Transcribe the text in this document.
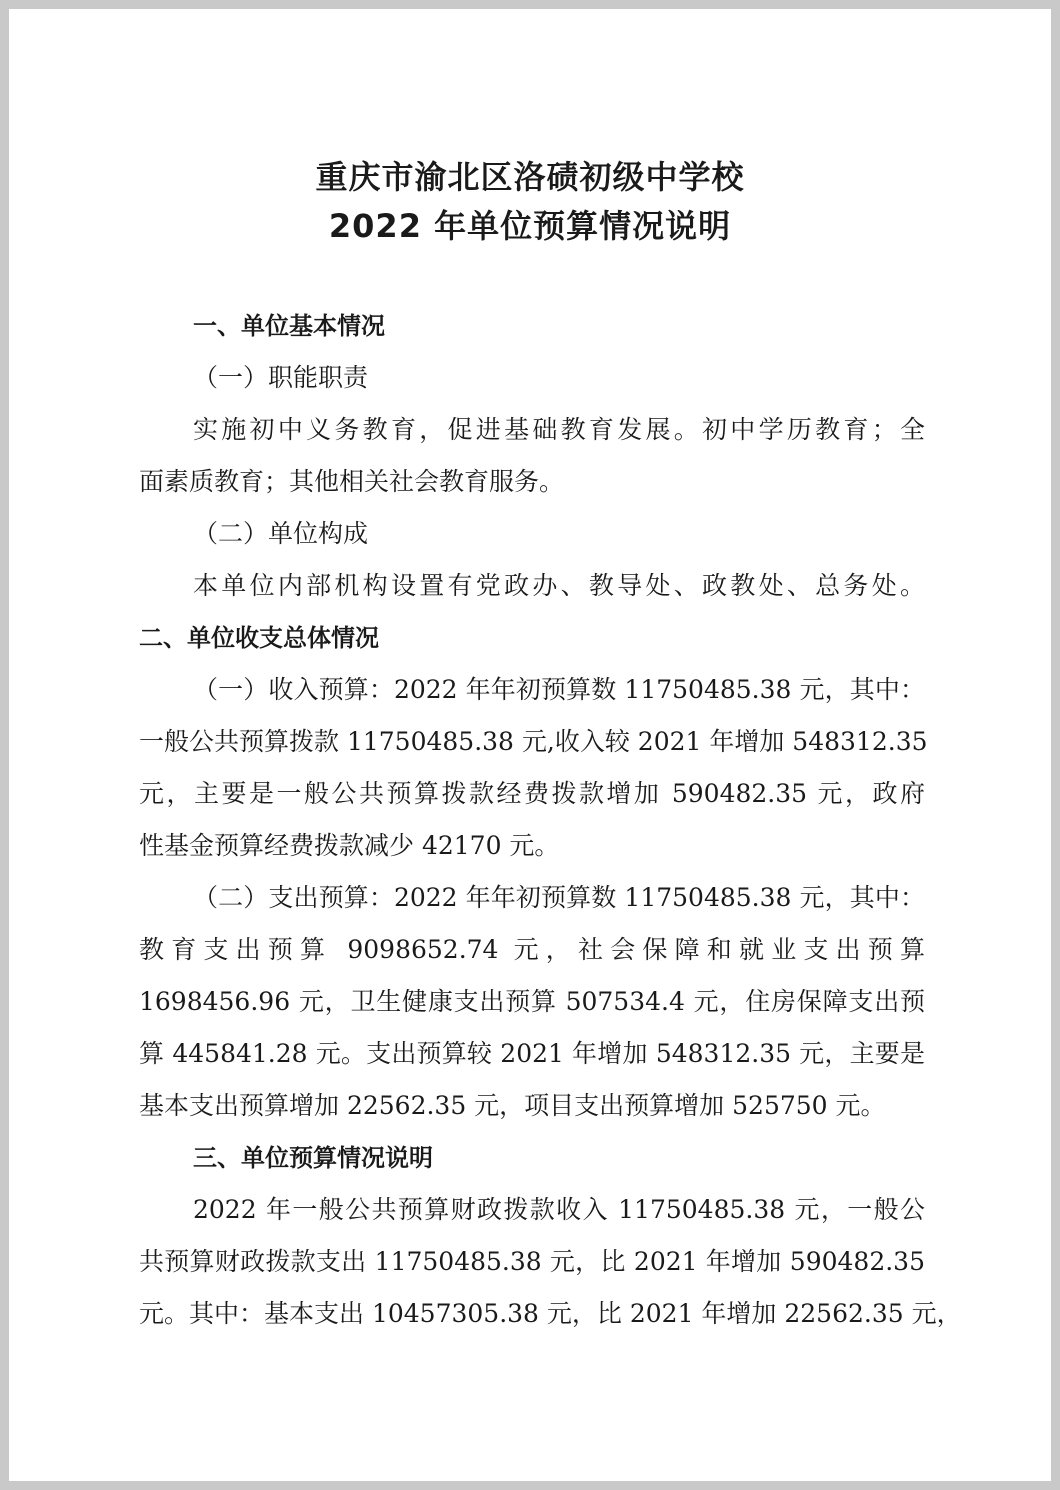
重庆市渝北区洛碛初级中学校
2022 年单位预算情况说明
一、单位基本情况
（一）职能职责
实施初中义务教育，促进基础教育发展。初中学历教育；全
面素质教育；其他相关社会教育服务。
（二）单位构成
本单位内部机构设置有党政办、教导处、政教处、总务处。
二、单位收支总体情况
（一）收入预算：2022 年年初预算数 11750485.38 元，其中：
一般公共预算拨款 11750485.38 元,收入较 2021 年增加 548312.35
元，主要是一般公共预算拨款经费拨款增加 590482.35 元，政府
性基金预算经费拨款减少 42170 元。
（二）支出预算：2022 年年初预算数 11750485.38 元，其中：
教育支出预算 9098652.74 元，社会保障和就业支出预算
1698456.96 元，卫生健康支出预算 507534.4 元，住房保障支出预
算 445841.28 元。支出预算较 2021 年增加 548312.35 元，主要是
基本支出预算增加 22562.35 元，项目支出预算增加 525750 元。
三、单位预算情况说明
2022 年一般公共预算财政拨款收入 11750485.38 元，一般公
共预算财政拨款支出 11750485.38 元，比 2021 年增加 590482.35
元。其中：基本支出 10457305.38 元，比 2021 年增加 22562.35 元，
